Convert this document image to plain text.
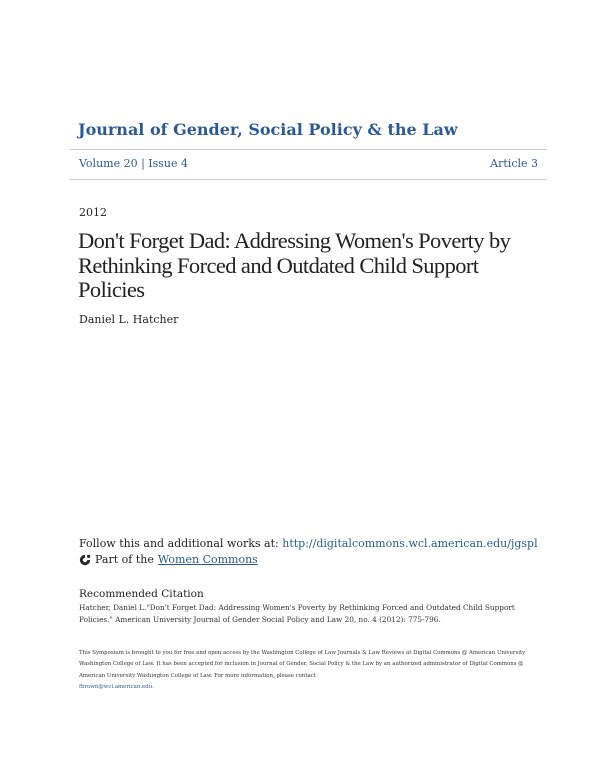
Journal of Gender, Social Policy & the Law
Volume 20 | Issue 4	Article 3
2012
Don't Forget Dad: Addressing Women's Poverty by Rethinking Forced and Outdated Child Support Policies
Daniel L. Hatcher
Follow this and additional works at: http://digitalcommons.wcl.american.edu/jgspl
Part of the Women Commons
Recommended Citation
Hatcher, Daniel L."Don't Forget Dad: Addressing Women's Poverty by Rethinking Forced and Outdated Child Support Policies." American University Journal of Gender Social Policy and Law 20, no. 4 (2012): 775-796.
This Symposium is brought to you for free and open access by the Washington College of Law Journals & Law Reviews at Digital Commons @ American University Washington College of Law. It has been accepted for inclusion in Journal of Gender, Social Policy & the Law by an authorized administrator of Digital Commons @ American University Washington College of Law. For more information, please contact
fbrown@wcl.american.edu.
